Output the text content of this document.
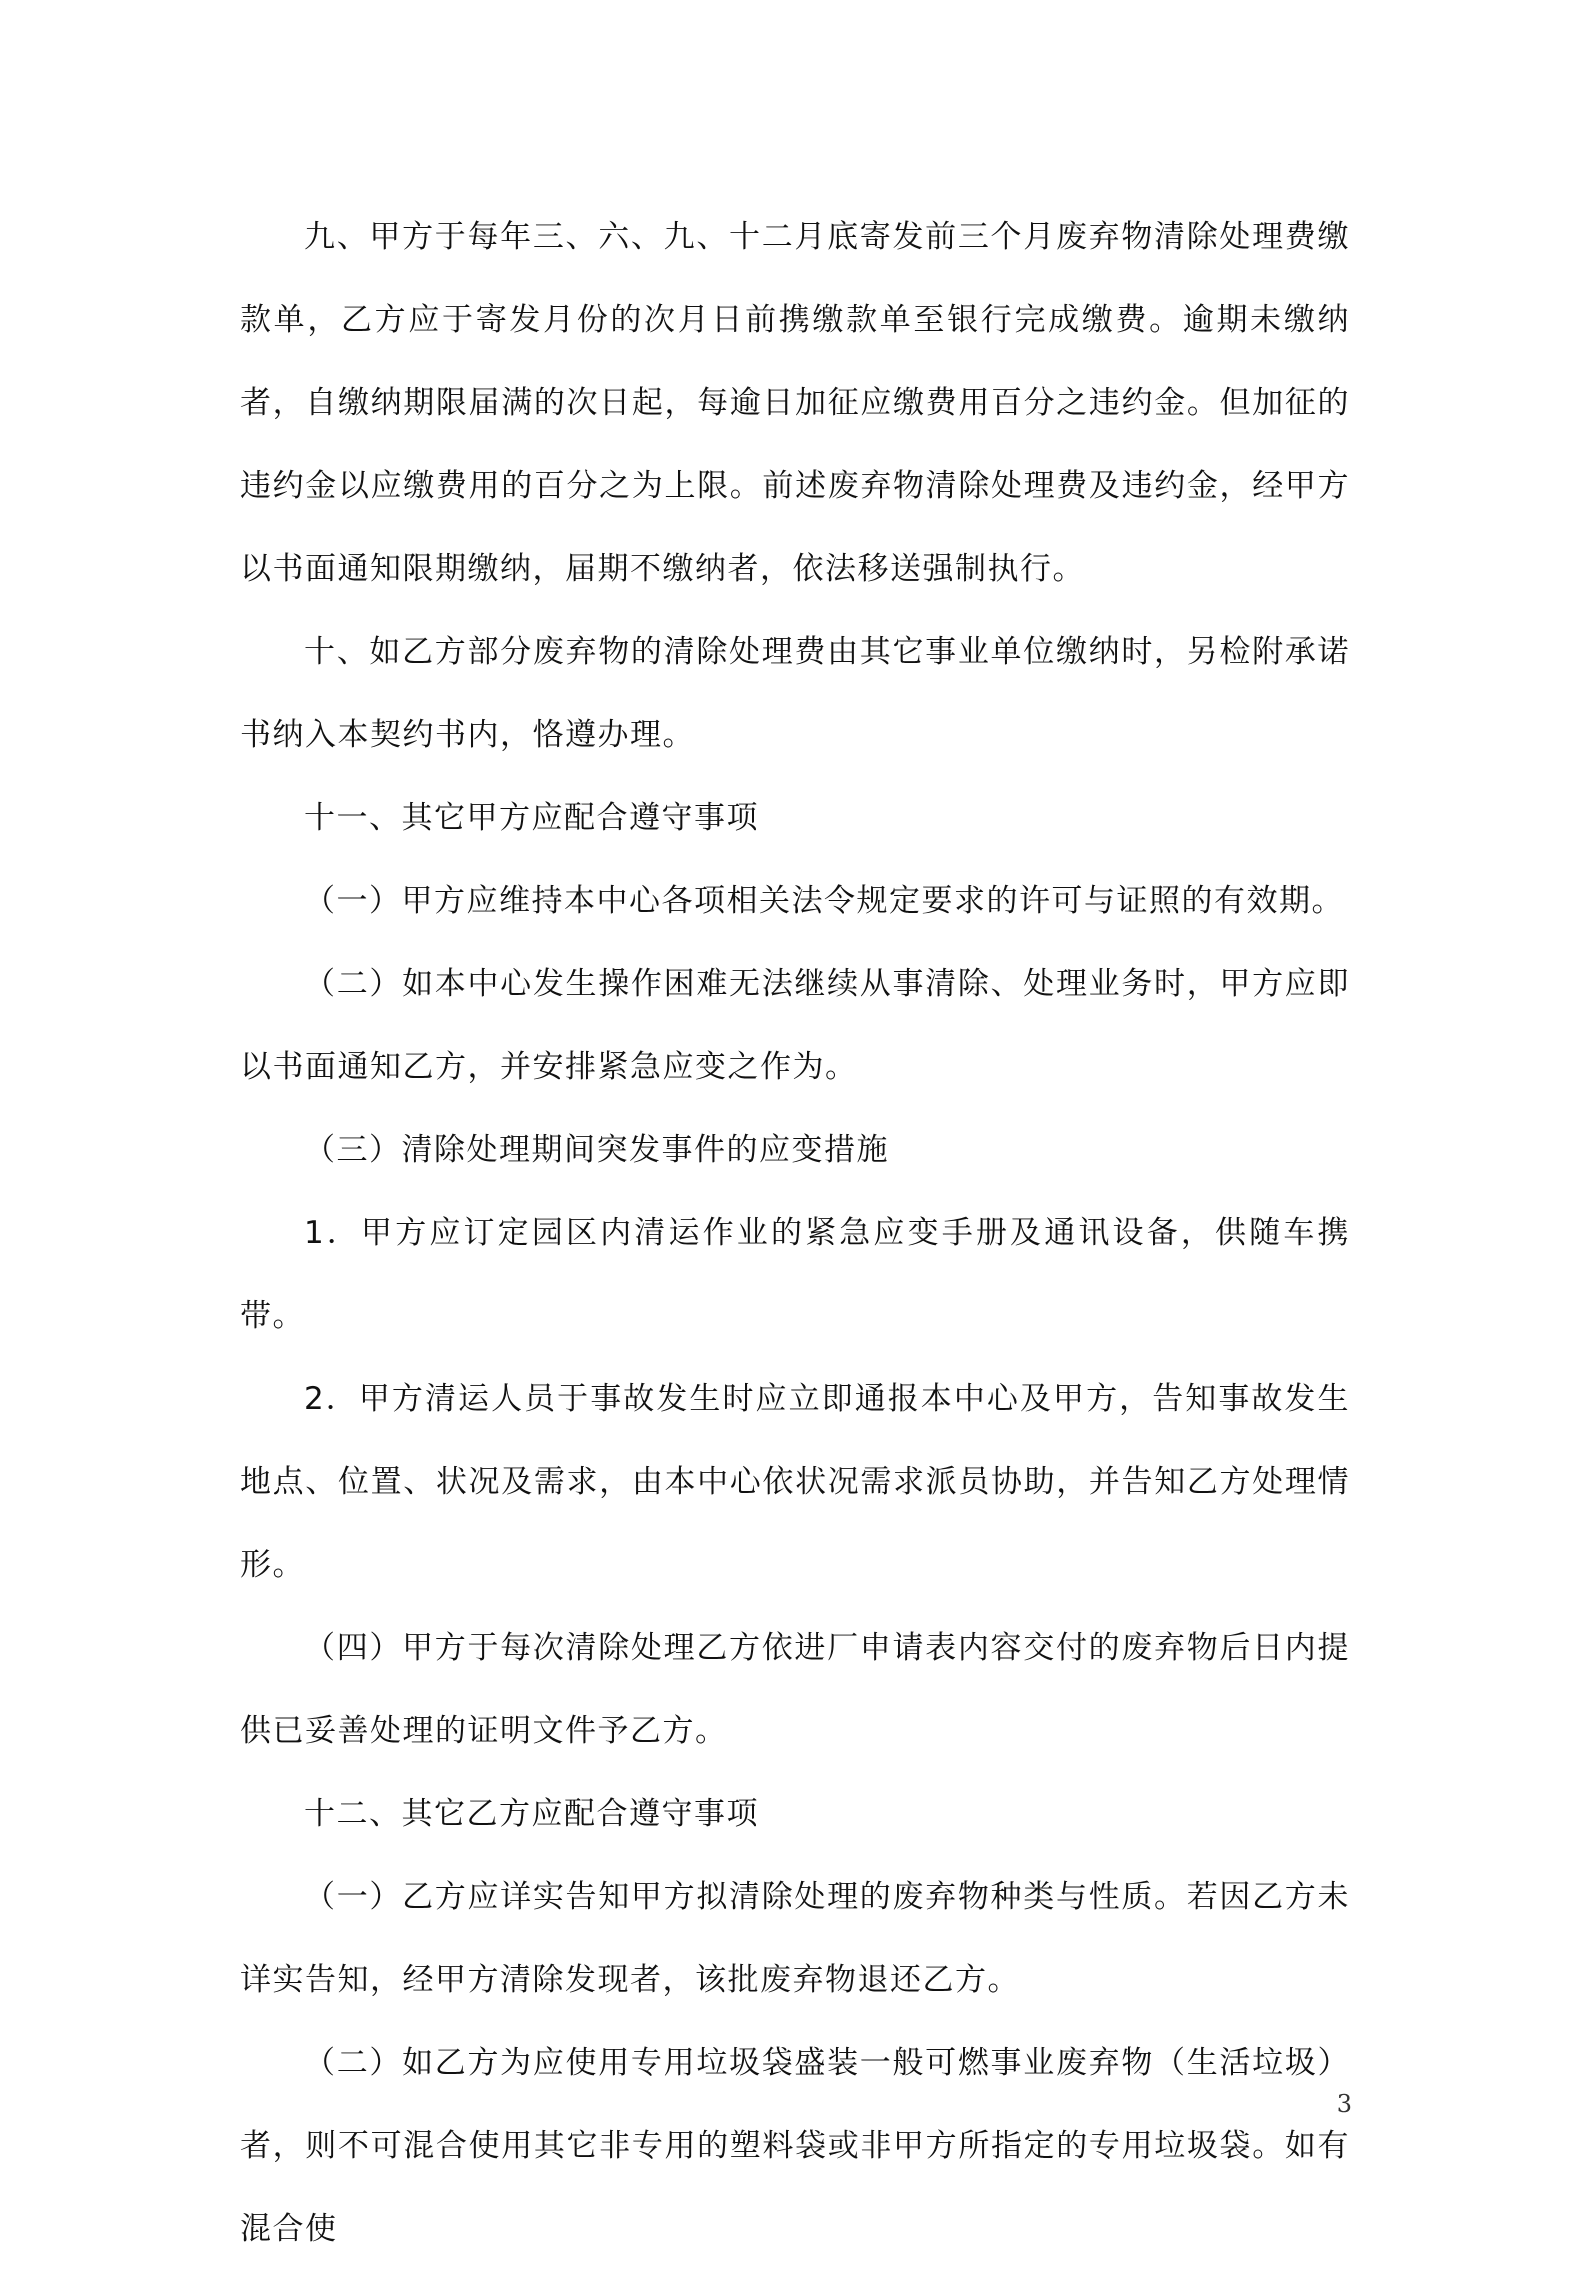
九、甲方于每年三、六、九、十二月底寄发前三个月废弃物清除处理费缴款单，乙方应于寄发月份的次月日前携缴款单至银行完成缴费。逾期未缴纳者，自缴纳期限届满的次日起，每逾日加征应缴费用百分之违约金。但加征的违约金以应缴费用的百分之为上限。前述废弃物清除处理费及违约金，经甲方以书面通知限期缴纳，届期不缴纳者，依法移送强制执行。

十、如乙方部分废弃物的清除处理费由其它事业单位缴纳时，另检附承诺书纳入本契约书内，恪遵办理。

十一、其它甲方应配合遵守事项

（一）甲方应维持本中心各项相关法令规定要求的许可与证照的有效期。

（二）如本中心发生操作困难无法继续从事清除、处理业务时，甲方应即以书面通知乙方，并安排紧急应变之作为。

（三）清除处理期间突发事件的应变措施

1．甲方应订定园区内清运作业的紧急应变手册及通讯设备，供随车携带。

2．甲方清运人员于事故发生时应立即通报本中心及甲方，告知事故发生地点、位置、状况及需求，由本中心依状况需求派员协助，并告知乙方处理情形。

（四）甲方于每次清除处理乙方依进厂申请表内容交付的废弃物后日内提供已妥善处理的证明文件予乙方。

十二、其它乙方应配合遵守事项

（一）乙方应详实告知甲方拟清除处理的废弃物种类与性质。若因乙方未详实告知，经甲方清除发现者，该批废弃物退还乙方。

（二）如乙方为应使用专用垃圾袋盛装一般可燃事业废弃物（生活垃圾）者，则不可混合使用其它非专用的塑料袋或非甲方所指定的专用垃圾袋。如有混合使

3
